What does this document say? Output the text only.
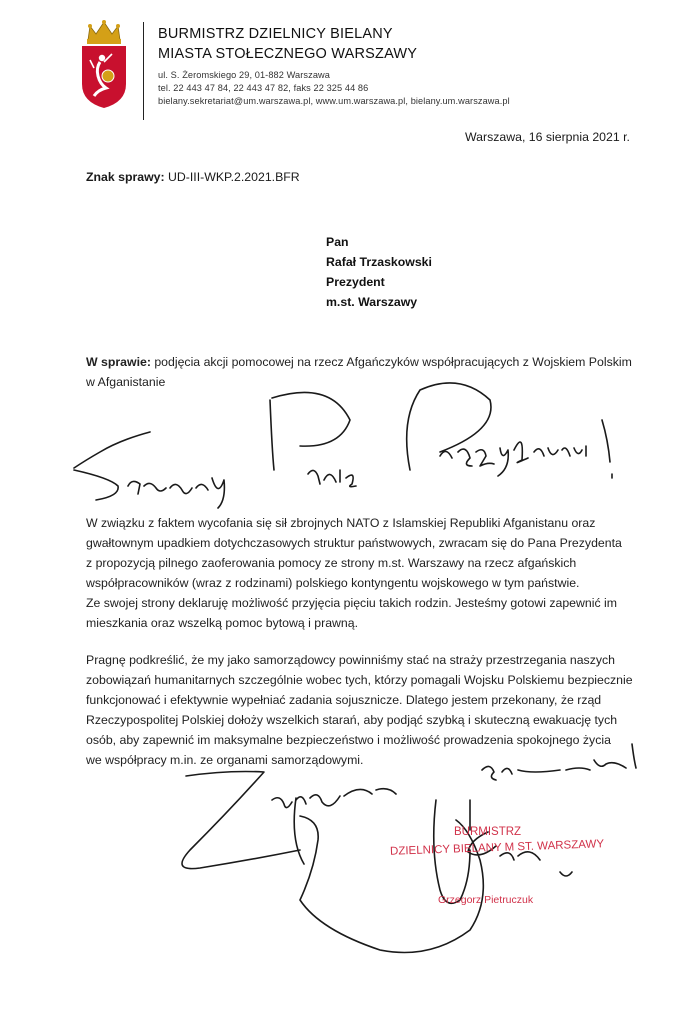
BURMISTRZ DZIELNICY BIELANY
MIASTA STOŁECZNEGO WARSZAWY
ul. S. Żeromskiego 29, 01-882 Warszawa
tel. 22 443 47 84, 22 443 47 82, faks 22 325 44 86
bielany.sekretariat@um.warszawa.pl, www.um.warszawa.pl, bielany.um.warszawa.pl
Warszawa, 16 sierpnia 2021 r.
Znak sprawy: UD-III-WKP.2.2021.BFR
Pan
Rafał Trzaskowski
Prezydent
m.st. Warszawy
W sprawie: podjęcia akcji pomocowej na rzecz Afgańczyków współpracujących z Wojskiem Polskim
w Afganistanie
W związku z faktem wycofania się sił zbrojnych NATO z Islamskiej Republiki Afganistanu oraz
gwałtownym upadkiem dotychczasowych struktur państwowych, zwracam się do Pana Prezydenta
z propozycją pilnego zaoferowania pomocy ze strony m.st. Warszawy na rzecz afgańskich
współpracowników (wraz z rodzinami) polskiego kontyngentu wojskowego w tym państwie.
Ze swojej strony deklaruję możliwość przyjęcia pięciu takich rodzin. Jesteśmy gotowi zapewnić im
mieszkania oraz wszelką pomoc bytową i prawną.
Pragnę podkreślić, że my jako samorządowcy powinniśmy stać na straży przestrzegania naszych
zobowiązań humanitarnych szczególnie wobec tych, którzy pomagali Wojsku Polskiemu bezpiecznie
funkcjonować i efektywnie wypełniać zadania sojusznicze. Dlatego jestem przekonany, że rząd
Rzeczypospolitej Polskiej dołoży wszelkich starań, aby podjąć szybką i skuteczną ewakuację tych
osób, aby zapewnić im maksymalne bezpieczeństwo i możliwość prowadzenia spokojnego życia
we współpracy m.in. ze organami samorządowymi.
BURMISTRZ
DZIELNICY BIELANY M ST. WARSZAWY
Grzegorz Pietruczuk
